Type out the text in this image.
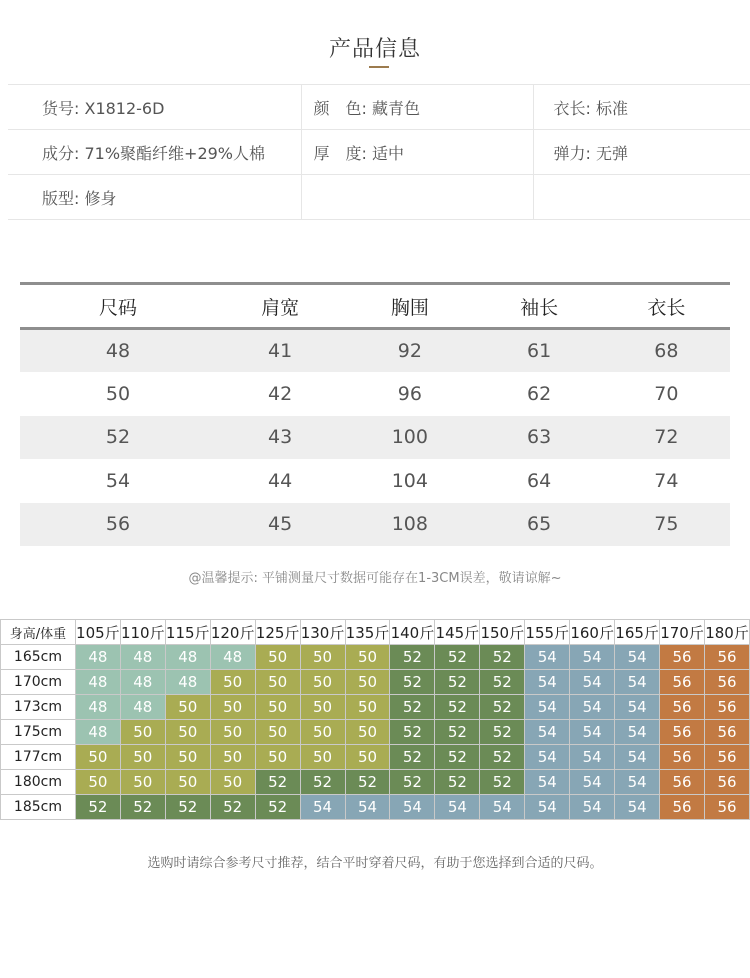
产品信息
货号: X1812-6D	颜　色: 藏青色	衣长: 标准
成分: 71%聚酯纤维+29%人棉	厚　度: 适中	弹力: 无弹
版型: 修身		
尺码	肩宽	胸围	袖长	衣长
48	41	92	61	68
50	42	96	62	70
52	43	100	63	72
54	44	104	64	74
56	45	108	65	75
@温馨提示: 平铺测量尺寸数据可能存在1-3CM误差，敬请谅解~
身高/体重	105斤	110斤	115斤	120斤	125斤	130斤	135斤	140斤	145斤	150斤	155斤	160斤	165斤	170斤	180斤
165cm	48	48	48	48	50	50	50	52	52	52	54	54	54	56	56
170cm	48	48	48	50	50	50	50	52	52	52	54	54	54	56	56
173cm	48	48	50	50	50	50	50	52	52	52	54	54	54	56	56
175cm	48	50	50	50	50	50	50	52	52	52	54	54	54	56	56
177cm	50	50	50	50	50	50	50	52	52	52	54	54	54	56	56
180cm	50	50	50	50	52	52	52	52	52	52	54	54	54	56	56
185cm	52	52	52	52	52	54	54	54	54	54	54	54	54	56	56
选购时请综合参考尺寸推荐，结合平时穿着尺码，有助于您选择到合适的尺码。
